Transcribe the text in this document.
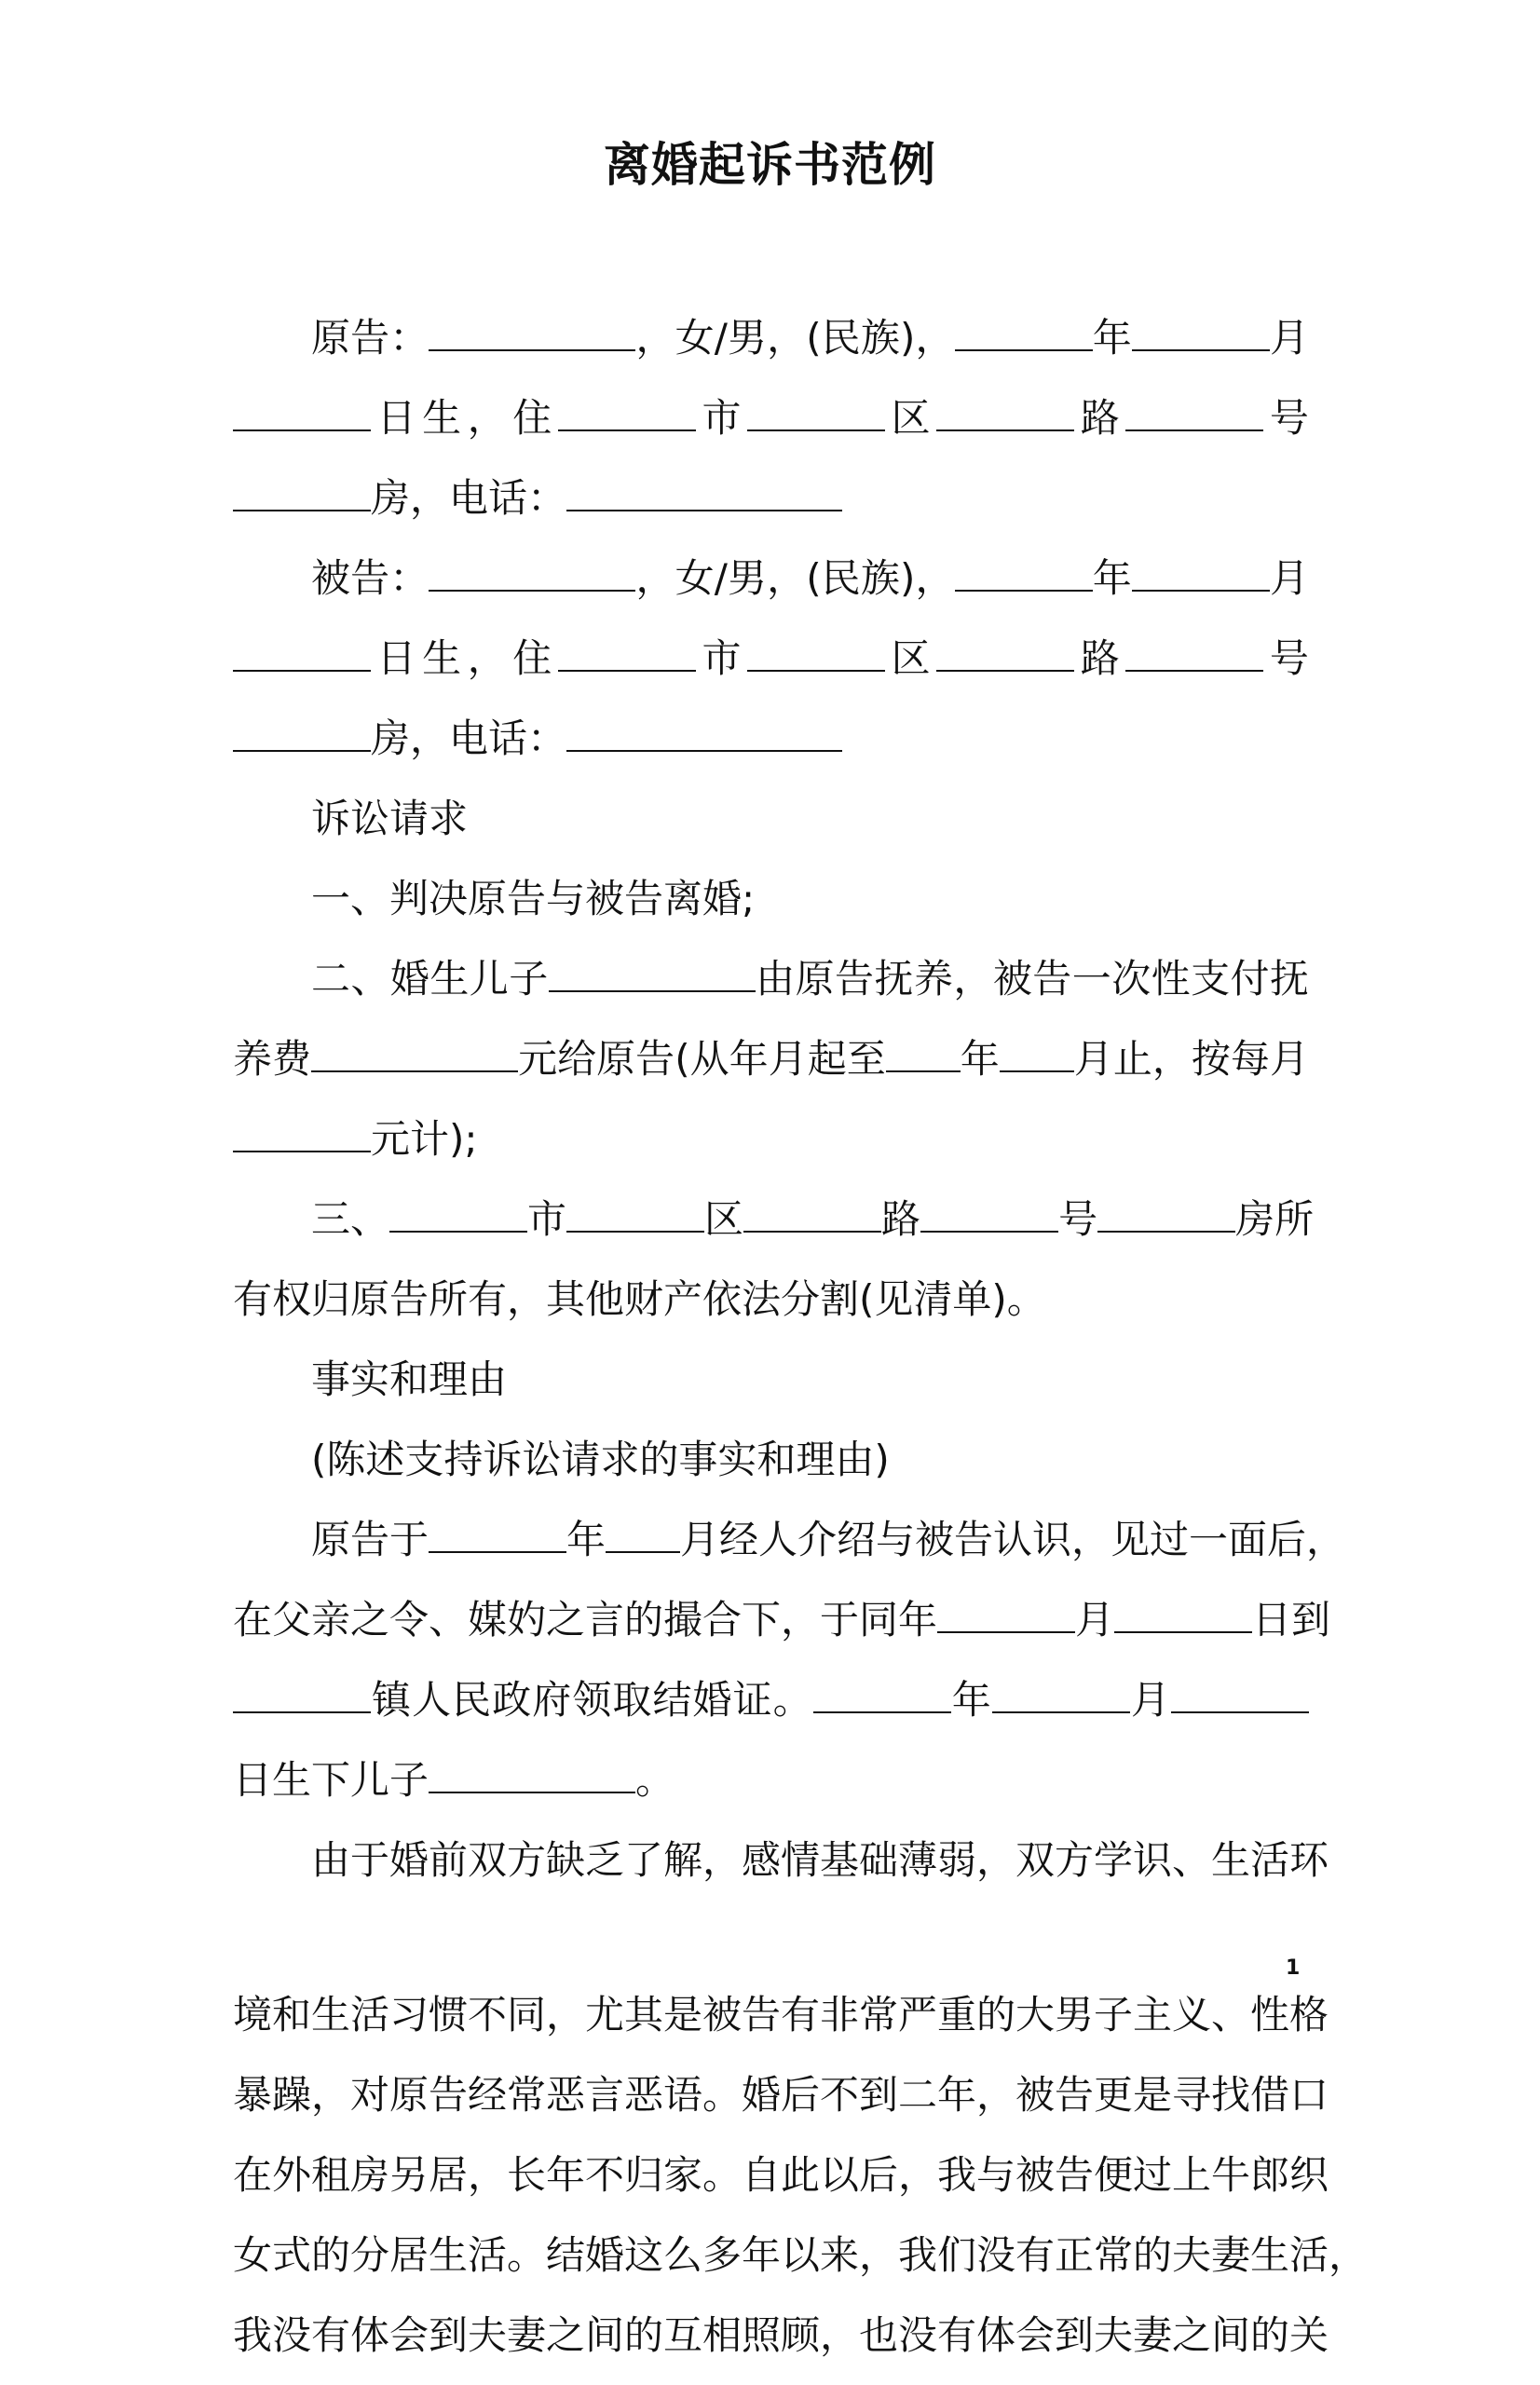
离婚起诉书范例
原告：	，女/男，(民族)，	年	月
日生，住	市	区	路	号
房，电话：
被告：	，女/男，(民族)，	年	月
日生，住	市	区	路	号
房，电话：
诉讼请求
一、判决原告与被告离婚;
二、婚生儿子	由原告抚养，被告一次性支付抚
养费	元给原告(从年月起至 年 月止，按每月
元计);
三、	市	区	路	号	房所
有权归原告所有，其他财产依法分割(见清单)。
事实和理由
(陈述支持诉讼请求的事实和理由)
原告于	年 月经人介绍与被告认识，见过一面后，
在父亲之令、媒妁之言的撮合下，于同年	月	日到
镇人民政府领取结婚证。	年	月
日生下儿子	。
由于婚前双方缺乏了解，感情基础薄弱，双方学识、生活环
1
境和生活习惯不同，尤其是被告有非常严重的大男子主义、性格
暴躁，对原告经常恶言恶语。婚后不到二年，被告更是寻找借口
在外租房另居，长年不归家。自此以后，我与被告便过上牛郎织
女式的分居生活。结婚这么多年以来，我们没有正常的夫妻生活，
我没有体会到夫妻之间的互相照顾，也没有体会到夫妻之间的关
